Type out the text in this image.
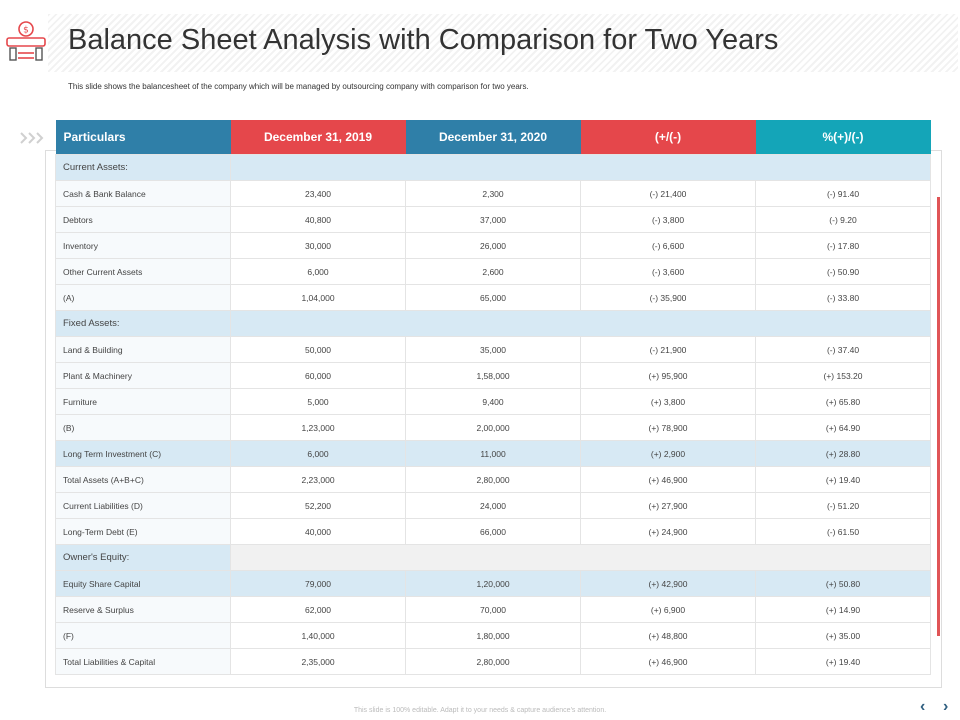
$ Balance Sheet Analysis with Comparison for Two Years
This slide shows the balancesheet of the company which will be managed by outsourcing company with comparison for two years.
Particulars	December 31, 2019	December 31, 2020	(+/(-)	%(+)/(-)
Current Assets:				
Cash & Bank Balance	23,400	2,300	(-) 21,400	(-) 91.40
Debtors	40,800	37,000	(-) 3,800	(-) 9.20
Inventory	30,000	26,000	(-) 6,600	(-) 17.80
Other Current Assets	6,000	2,600	(-) 3,600	(-) 50.90
(A)	1,04,000	65,000	(-) 35,900	(-) 33.80
Fixed Assets:				
Land & Building	50,000	35,000	(-) 21,900	(-) 37.40
Plant & Machinery	60,000	1,58,000	(+) 95,900	(+) 153.20
Furniture	5,000	9,400	(+) 3,800	(+) 65.80
(B)	1,23,000	2,00,000	(+) 78,900	(+) 64.90
Long Term Investment (C)	6,000	11,000	(+) 2,900	(+) 28.80
Total Assets (A+B+C)	2,23,000	2,80,000	(+) 46,900	(+) 19.40
Current Liabilities (D)	52,200	24,000	(+) 27,900	(-) 51.20
Long-Term Debt (E)	40,000	66,000	(+) 24,900	(-) 61.50
Owner's Equity:				
Equity Share Capital	79,000	1,20,000	(+) 42,900	(+) 50.80
Reserve & Surplus	62,000	70,000	(+) 6,900	(+) 14.90
(F)	1,40,000	1,80,000	(+) 48,800	(+) 35.00
Total Liabilities & Capital	2,35,000	2,80,000	(+) 46,900	(+) 19.40
This slide is 100% editable. Adapt it to your needs & capture audience's attention.	‹ ›
